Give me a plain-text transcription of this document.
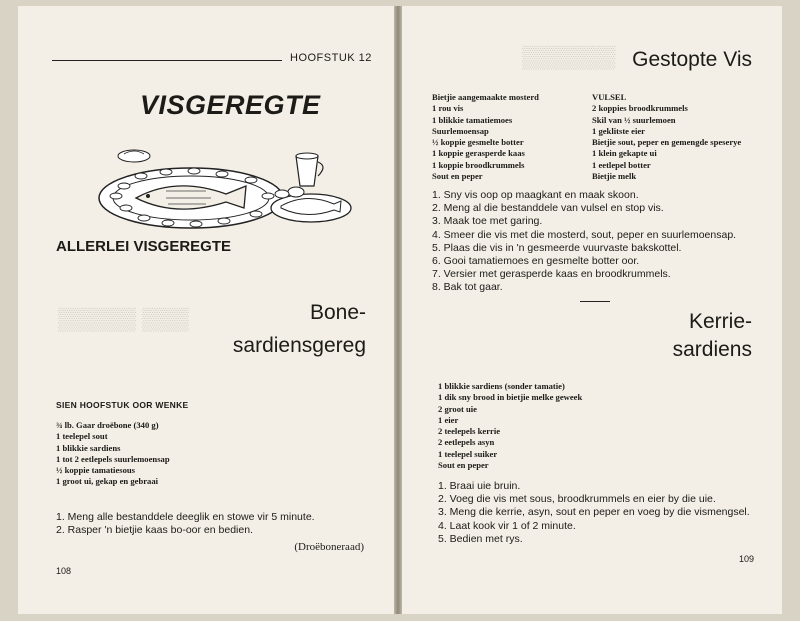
▒▒▒▒▒ ▒▒▒
HOOFSTUK 12
VISGEREGTE
ALLERLEI VISGEREGTE
Bone-
sardiensgereg
SIEN HOOFSTUK OOR WENKE
¾ lb. Gaar droëbone (340 g)
1 teelepel sout
1 blikkie sardiens
1 tot 2 eetlepels suurlemoensap
½ koppie tamatiesous
1 groot ui, gekap en gebraai
1. Meng alle bestanddele deeglik en stowe vir 5 minute.
2. Rasper 'n bietjie kaas bo-oor en bedien.
(Droëboneraad)
108
▒▒▒▒▒▒ Gestopte Vis
Bietjie aangemaakte mosterd
1 rou vis
1 blikkie tamatiemoes
Suurlemoensap
½ koppie gesmelte botter
1 koppie gerasperde kaas
1 koppie broodkrummels
Sout en peper
VULSEL
2 koppies broodkrummels
Skil van ½ suurlemoen
1 geklitste eier
Bietjie sout, peper en gemengde speserye
1 klein gekapte ui
1 eetlepel botter
Bietjie melk
1. Sny vis oop op maagkant en maak skoon.
2. Meng al die bestanddele van vulsel en stop vis.
3. Maak toe met garing.
4. Smeer die vis met die mosterd, sout, peper en suurlemoensap.
5. Plaas die vis in 'n gesmeerde vuurvaste bakskottel.
6. Gooi tamatiemoes en gesmelte botter oor.
7. Versier met gerasperde kaas en broodkrummels.
8. Bak tot gaar.
Kerrie-
sardiens
1 blikkie sardiens (sonder tamatie)
1 dik sny brood in bietjie melke geweek
2 groot uie
1 eier
2 teelepels kerrie
2 eetlepels asyn
1 teelepel suiker
Sout en peper
1. Braai uie bruin.
2. Voeg die vis met sous, broodkrummels en eier by die uie.
3. Meng die kerrie, asyn, sout en peper en voeg by die vismengsel.
4. Laat kook vir 1 of 2 minute.
5. Bedien met rys.
109
